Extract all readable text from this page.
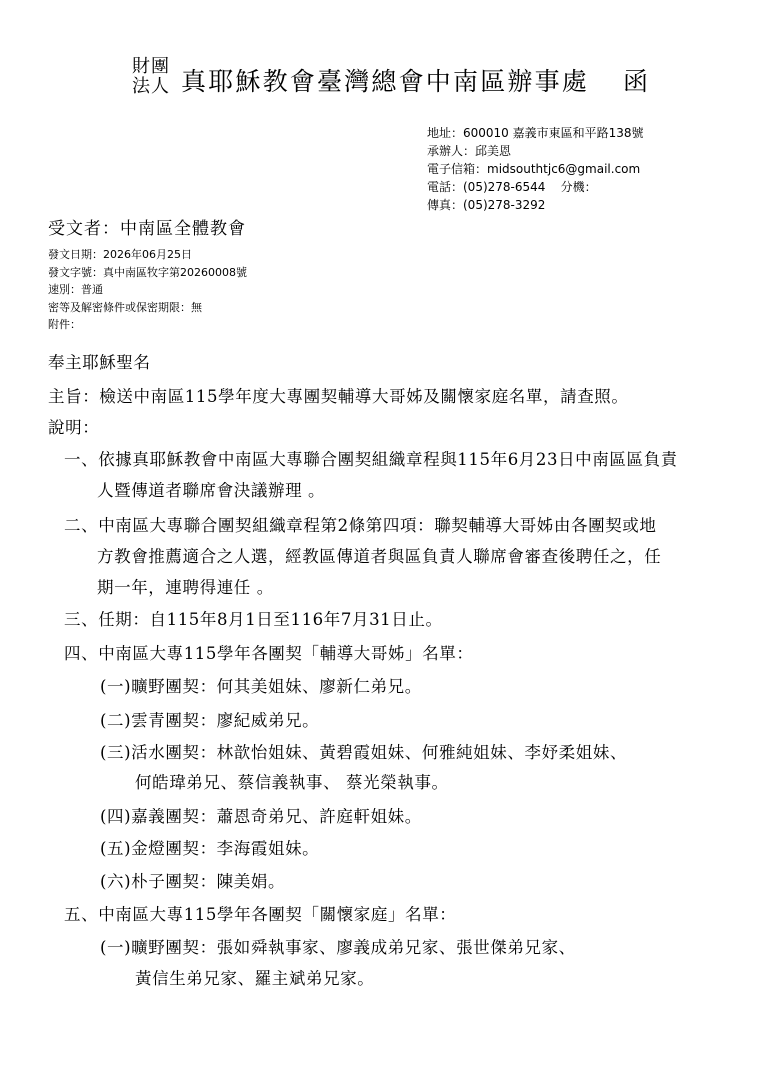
財團
法人 真耶穌教會臺灣總會中南區辦事處 函
地址：600010 嘉義市東區和平路138號
承辦人：邱美恩
電子信箱：midsouthtjc6@gmail.com
電話：(05)278-6544    分機：
傳真：(05)278-3292
受文者：中南區全體教會
發文日期：2026年06月25日
發文字號：真中南區牧字第20260008號
速別：普通
密等及解密條件或保密期限：無
附件：
奉主耶穌聖名
主旨：檢送中南區115學年度大專團契輔導大哥姊及關懷家庭名單，請查照。
說明：
一、依據真耶穌教會中南區大專聯合團契組織章程與115年6月23日中南區區負責
人暨傳道者聯席會決議辦理 。
二、中南區大專聯合團契組織章程第2條第四項：聯契輔導大哥姊由各團契或地
方教會推薦適合之人選，經教區傳道者與區負責人聯席會審查後聘任之，任
期一年，連聘得連任 。
三、任期：自115年8月1日至116年7月31日止。
四、中南區大專115學年各團契「輔導大哥姊」名單：
(一)曠野團契：何其美姐妹、廖新仁弟兄。
(二)雲青團契：廖紀威弟兄。
(三)活水團契：林歆怡姐妹、黃碧霞姐妹、何雅純姐妹、李妤柔姐妹、
何皓瑋弟兄、蔡信義執事、 蔡光榮執事。
(四)嘉義團契：蕭恩奇弟兄、許庭軒姐妹。
(五)金燈團契：李海霞姐妹。
(六)朴子團契：陳美娟。
五、中南區大專115學年各團契「關懷家庭」名單：
(一)曠野團契：張如舜執事家、廖義成弟兄家、張世傑弟兄家、
黃信生弟兄家、羅主斌弟兄家。
